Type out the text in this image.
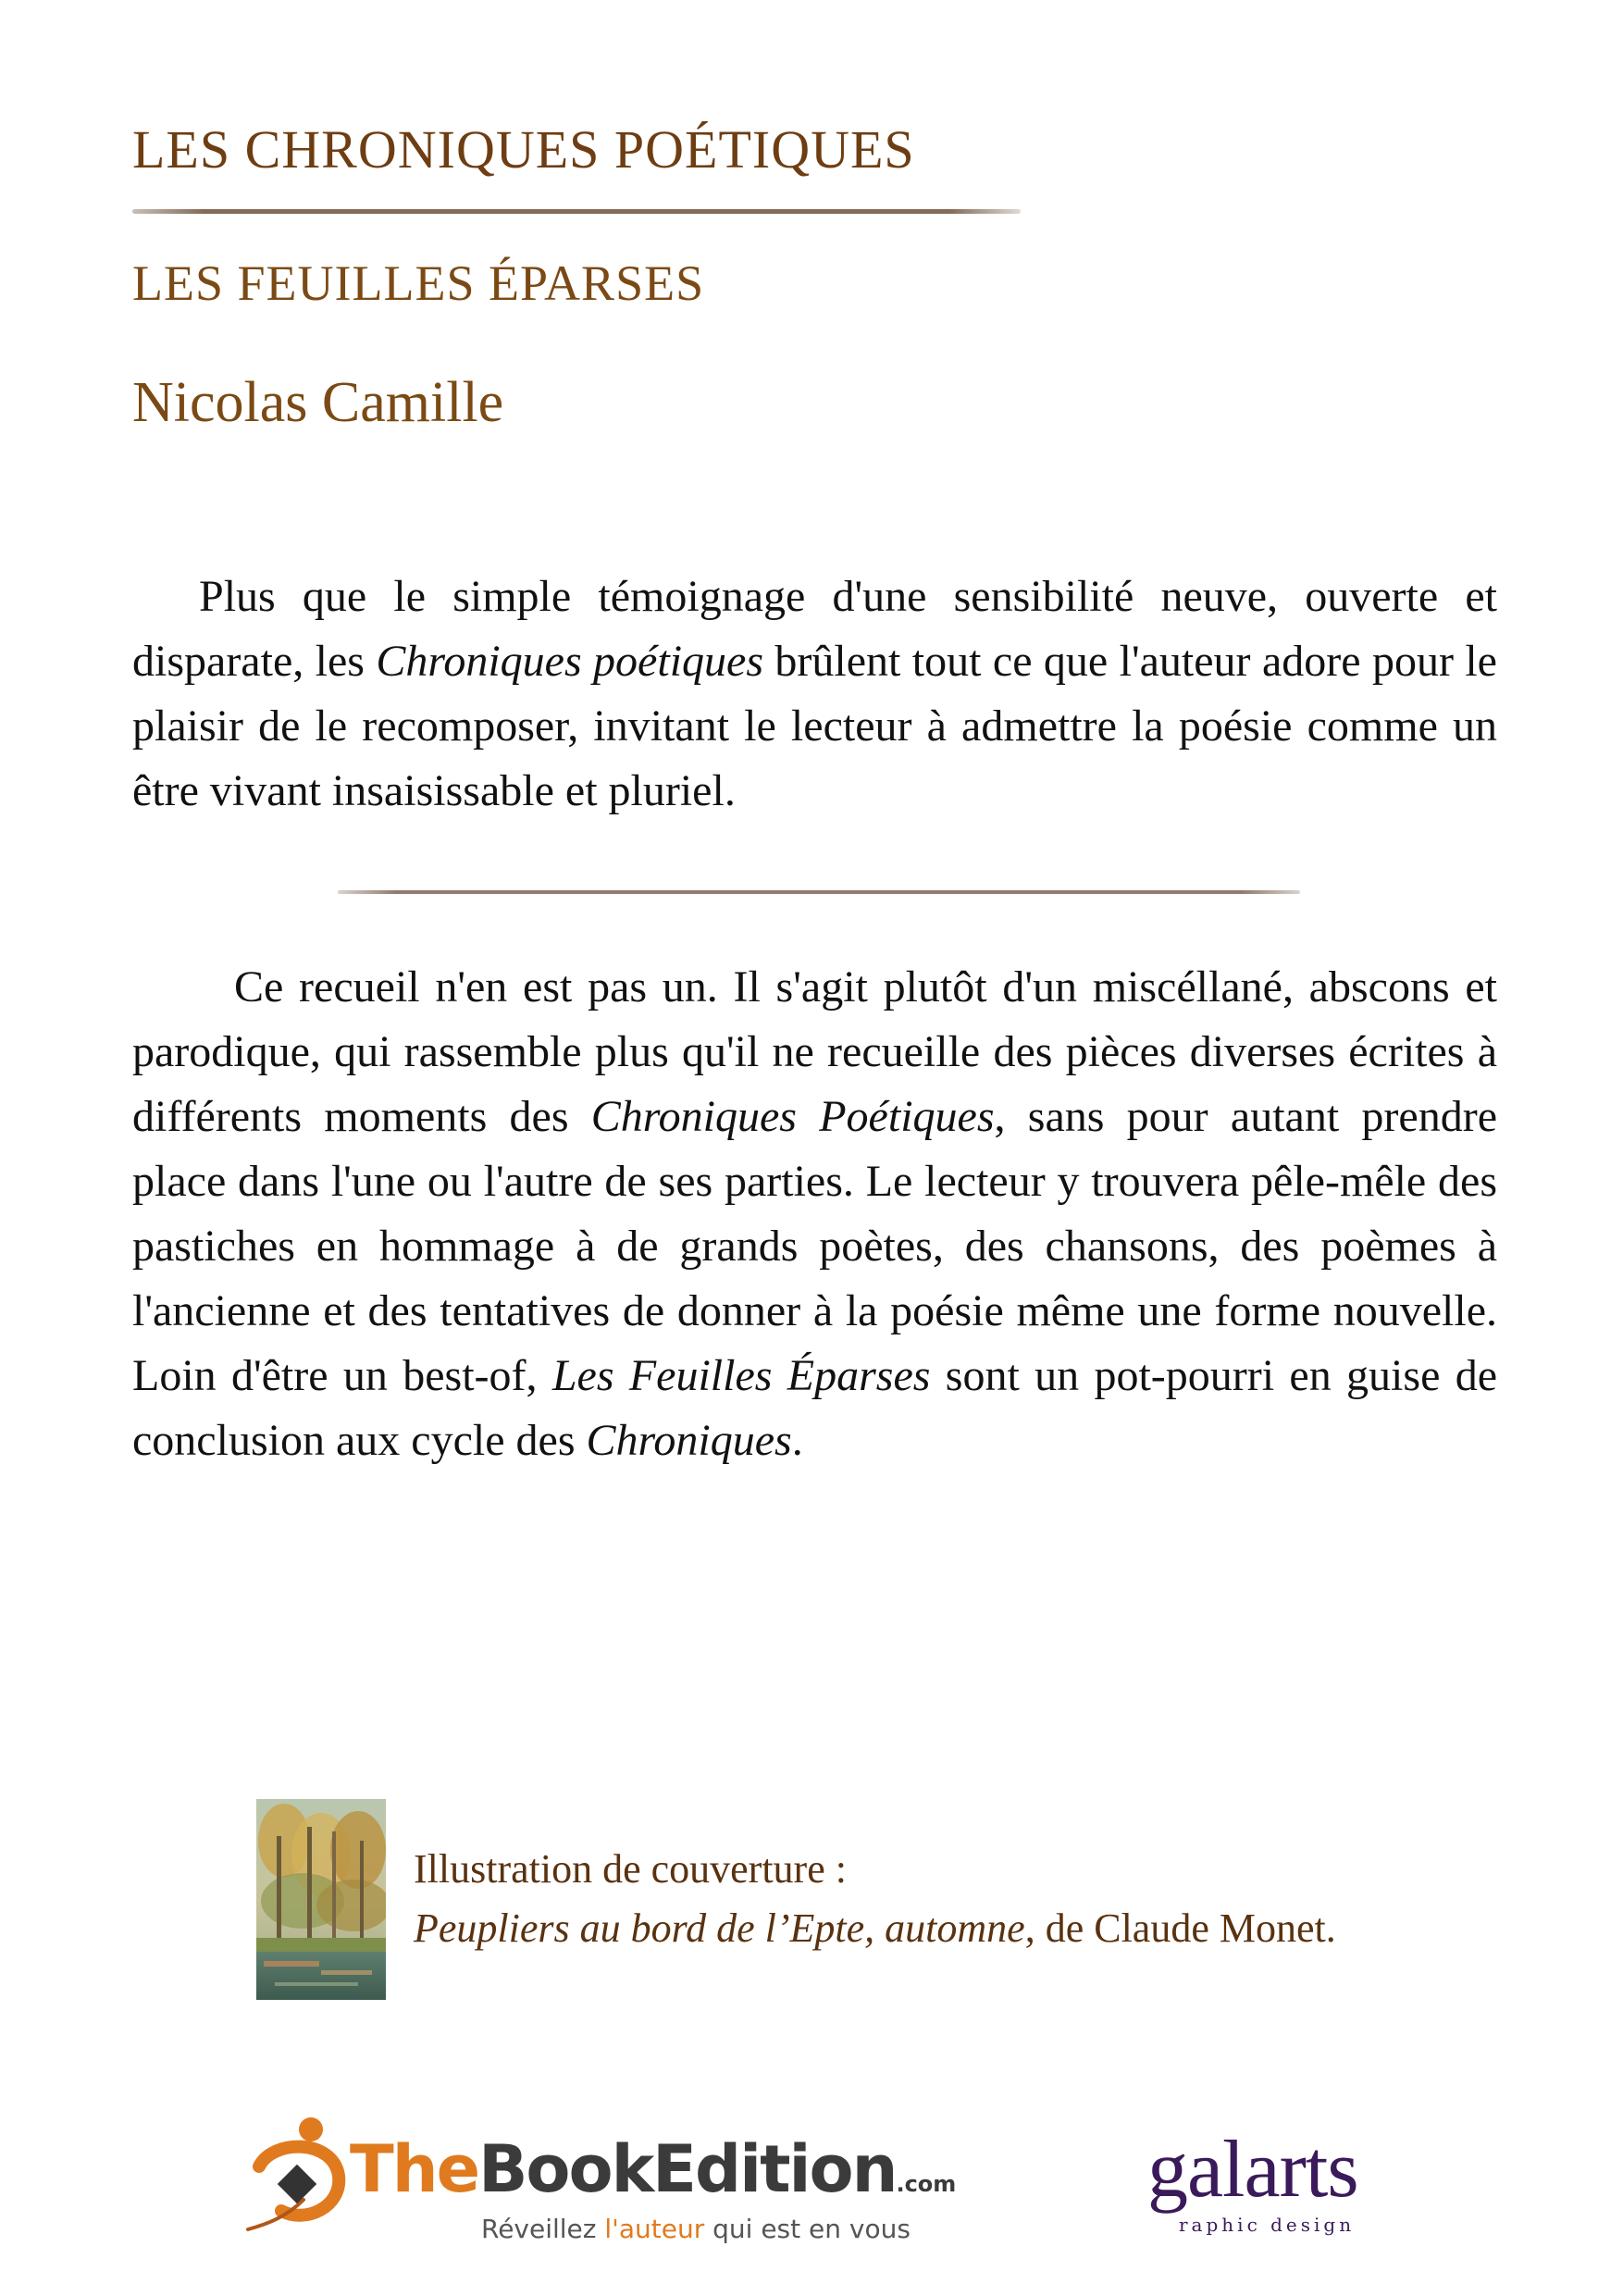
LES CHRONIQUES POÉTIQUES
LES FEUILLES ÉPARSES
Nicolas Camille

Plus que le simple témoignage d'une sensibilité neuve, ouverte et disparate, les Chroniques poétiques brûlent tout ce que l'auteur adore pour le plaisir de le recomposer, invitant le lecteur à admettre la poésie comme un être vivant insaisissable et pluriel.

Ce recueil n'en est pas un. Il s'agit plutôt d'un miscéllané, abscons et parodique, qui rassemble plus qu'il ne recueille des pièces diverses écrites à différents moments des Chroniques Poétiques, sans pour autant prendre place dans l'une ou l'autre de ses parties. Le lecteur y trouvera pêle-mêle des pastiches en hommage à de grands poètes, des chansons, des poèmes à l'ancienne et des tentatives de donner à la poésie même une forme nouvelle. Loin d'être un best-of, Les Feuilles Éparses sont un pot-pourri en guise de conclusion aux cycle des Chroniques.

Illustration de couverture :
Peupliers au bord de l’Epte, automne, de Claude Monet.
TheBookEdition.com
Réveillez l'auteur qui est en vous
galarts
raphic design
